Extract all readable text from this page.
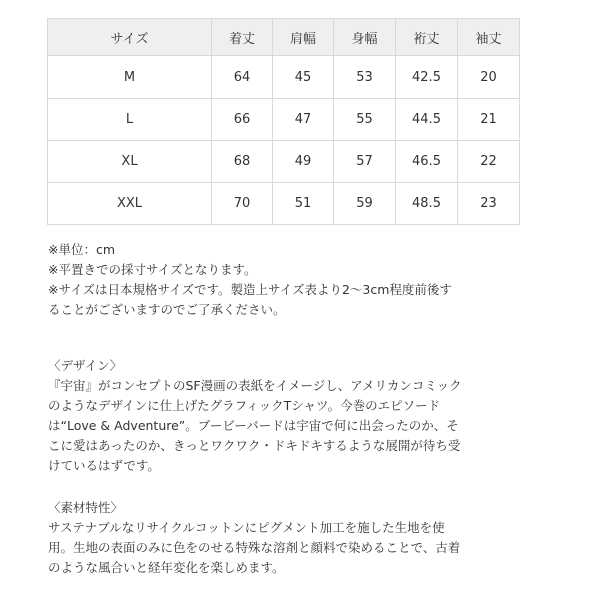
サイズ	着丈	肩幅	身幅	裄丈	袖丈
M	64	45	53	42.5	20
L	66	47	55	44.5	21
XL	68	49	57	46.5	22
XXL	70	51	59	48.5	23

※単位：cm

※平置きでの採寸サイズとなります。

※サイズは日本規格サイズです。製造上サイズ表より2〜3cm程度前後す

ることがございますのでご了承ください。

〈デザイン〉

『宇宙』がコンセプトのSF漫画の表紙をイメージし、アメリカンコミック
のようなデザインに仕上げたグラフィックTシャツ。今巻のエピソード
は“Love & Adventure”。ブービーバードは宇宙で何に出会ったのか、そ
こに愛はあったのか、きっとワクワク・ドキドキするような展開が待ち受
けているはずです。

〈素材特性〉

サステナブルなリサイクルコットンにピグメント加工を施した生地を使
用。生地の表面のみに色をのせる特殊な溶剤と顔料で染めることで、古着
のような風合いと経年変化を楽しめます。
